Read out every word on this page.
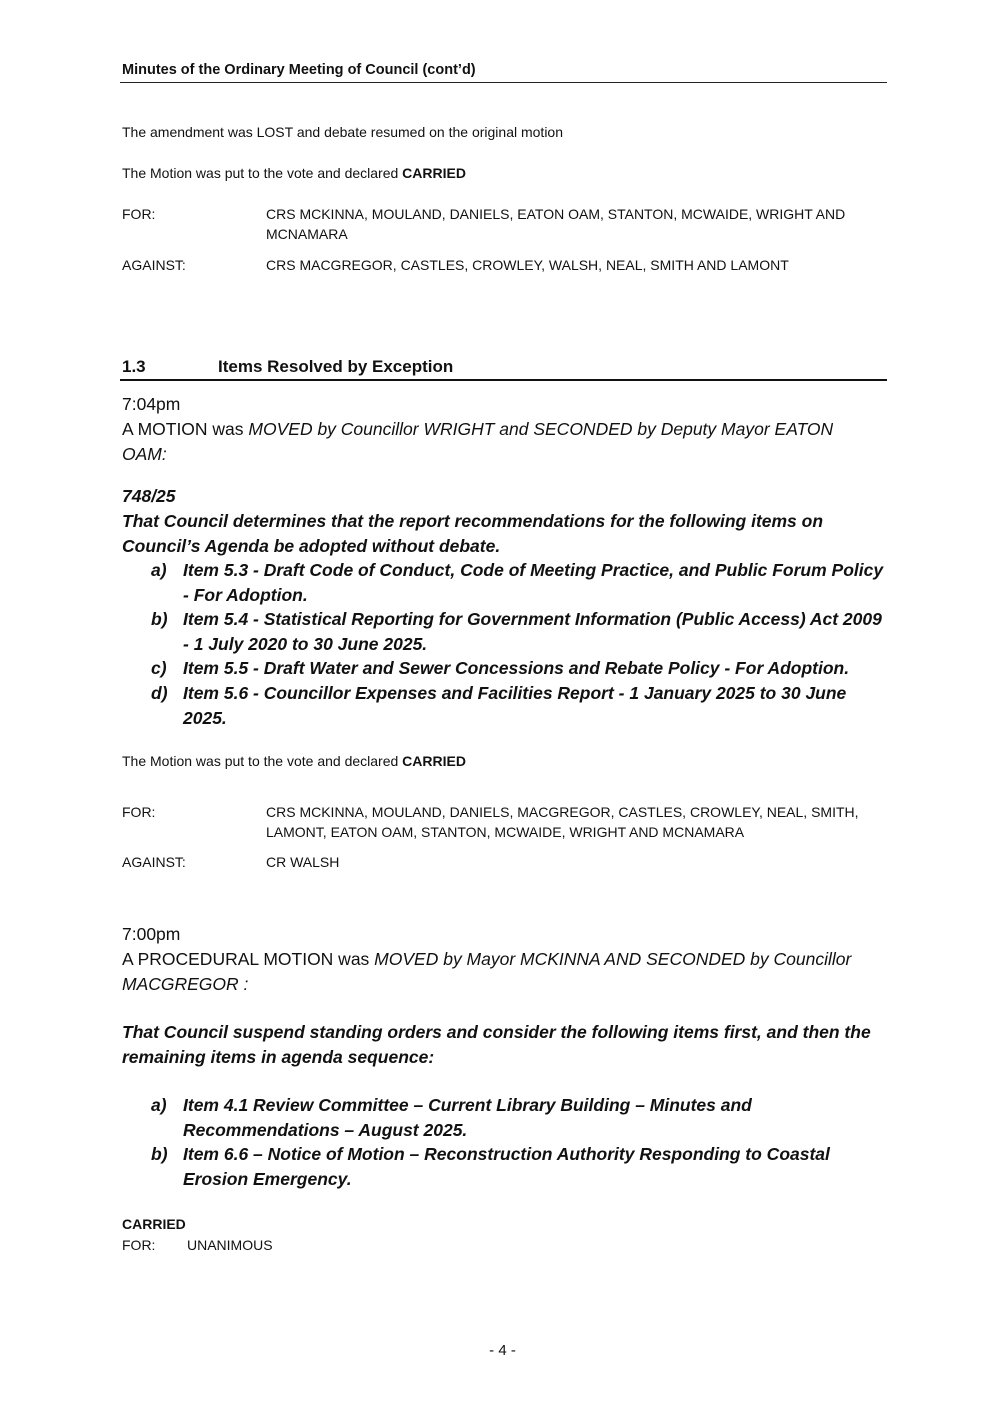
Minutes of the Ordinary Meeting of Council (cont’d)
The amendment was LOST and debate resumed on the original motion
The Motion was put to the vote and declared CARRIED
FOR:	CRS MCKINNA, MOULAND, DANIELS, EATON OAM, STANTON, MCWAIDE, WRIGHT AND MCNAMARA
AGAINST:	CRS MACGREGOR, CASTLES, CROWLEY, WALSH, NEAL, SMITH AND LAMONT
1.3	Items Resolved by Exception
7:04pm
A MOTION was MOVED by Councillor WRIGHT and SECONDED by Deputy Mayor EATON OAM:
748/25
That Council determines that the report recommendations for the following items on Council’s Agenda be adopted without debate.
a) Item 5.3 - Draft Code of Conduct, Code of Meeting Practice, and Public Forum Policy - For Adoption.
b) Item 5.4 - Statistical Reporting for Government Information (Public Access) Act 2009 - 1 July 2020 to 30 June 2025.
c) Item 5.5 - Draft Water and Sewer Concessions and Rebate Policy - For Adoption.
d) Item 5.6 - Councillor Expenses and Facilities Report - 1 January 2025 to 30 June 2025.
The Motion was put to the vote and declared CARRIED
FOR:	CRS MCKINNA, MOULAND, DANIELS, MACGREGOR, CASTLES, CROWLEY, NEAL, SMITH, LAMONT, EATON OAM, STANTON, MCWAIDE, WRIGHT AND MCNAMARA
AGAINST:	CR WALSH
7:00pm
A PROCEDURAL MOTION was MOVED by Mayor MCKINNA AND SECONDED by Councillor MACGREGOR :
That Council suspend standing orders and consider the following items first, and then the remaining items in agenda sequence:
a) Item 4.1 Review Committee – Current Library Building – Minutes and Recommendations – August 2025.
b) Item 6.6 – Notice of Motion – Reconstruction Authority Responding to Coastal Erosion Emergency.
CARRIED
FOR: UNANIMOUS
- 4 -
